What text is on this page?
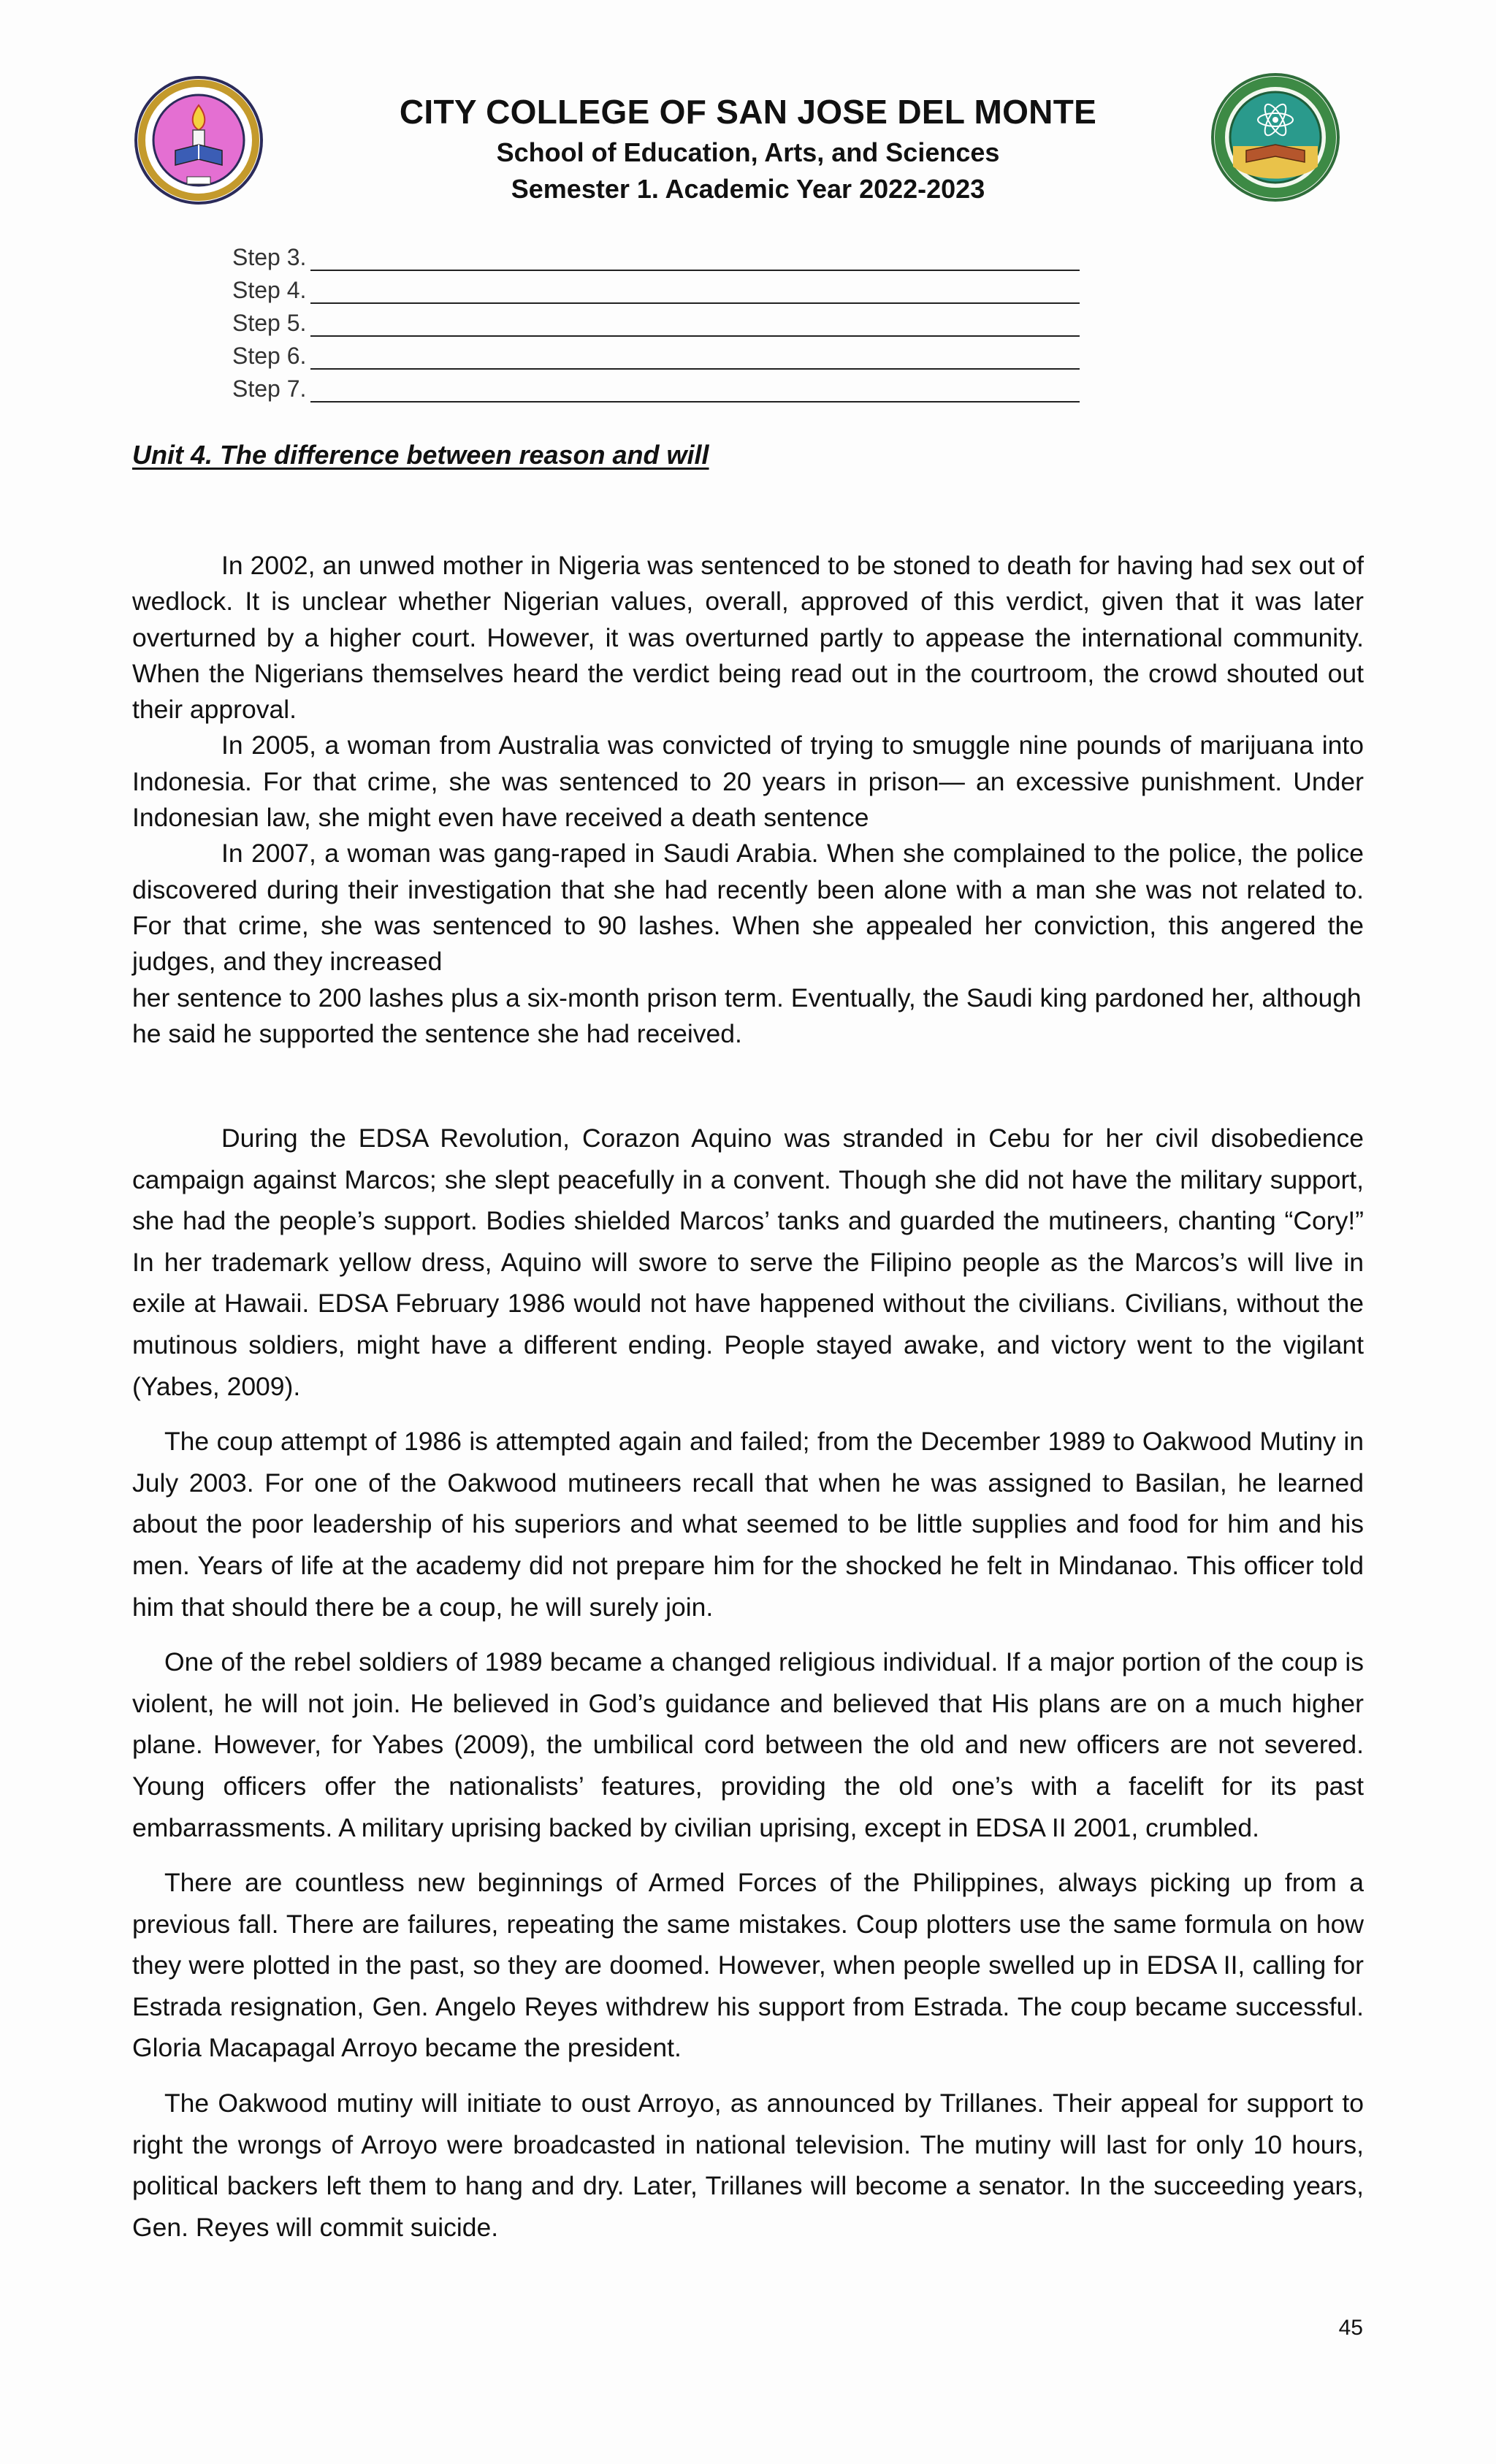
CITY COLLEGE OF SAN JOSE DEL MONTE
School of Education, Arts, and Sciences
Semester 1. Academic Year 2022-2023
Step 3.
Step 4.
Step 5.
Step 6.
Step 7.
Unit 4. The difference between reason and will

In 2002, an unwed mother in Nigeria was sentenced to be stoned to death for having had sex out of wedlock. It is unclear whether Nigerian values, overall, approved of this verdict, given that it was later overturned by a higher court. However, it was overturned partly to appease the international community. When the Nigerians themselves heard the verdict being read out in the courtroom, the crowd shouted out their approval.

In 2005, a woman from Australia was convicted of trying to smuggle nine pounds of marijuana into Indonesia. For that crime, she was sentenced to 20 years in prison— an excessive punishment. Under Indonesian law, she might even have received a death sentence

In 2007, a woman was gang-raped in Saudi Arabia. When she complained to the police, the police discovered during their investigation that she had recently been alone with a man she was not related to. For that crime, she was sentenced to 90 lashes. When she appealed her conviction, this angered the judges, and they increased

her sentence to 200 lashes plus a six-month prison term. Eventually, the Saudi king pardoned her, although he said he supported the sentence she had received.

During the EDSA Revolution, Corazon Aquino was stranded in Cebu for her civil disobedience campaign against Marcos; she slept peacefully in a convent. Though she did not have the military support, she had the people’s support. Bodies shielded Marcos’ tanks and guarded the mutineers, chanting “Cory!” In her trademark yellow dress, Aquino will swore to serve the Filipino people as the Marcos’s will live in exile at Hawaii. EDSA February 1986 would not have happened without the civilians. Civilians, without the mutinous soldiers, might have a different ending. People stayed awake, and victory went to the vigilant (Yabes, 2009).

The coup attempt of 1986 is attempted again and failed; from the December 1989 to Oakwood Mutiny in July 2003. For one of the Oakwood mutineers recall that when he was assigned to Basilan, he learned about the poor leadership of his superiors and what seemed to be little supplies and food for him and his men. Years of life at the academy did not prepare him for the shocked he felt in Mindanao. This officer told him that should there be a coup, he will surely join.

One of the rebel soldiers of 1989 became a changed religious individual. If a major portion of the coup is violent, he will not join. He believed in God’s guidance and believed that His plans are on a much higher plane. However, for Yabes (2009), the umbilical cord between the old and new officers are not severed. Young officers offer the nationalists’ features, providing the old one’s with a facelift for its past embarrassments. A military uprising backed by civilian uprising, except in EDSA II 2001, crumbled.

There are countless new beginnings of Armed Forces of the Philippines, always picking up from a previous fall. There are failures, repeating the same mistakes. Coup plotters use the same formula on how they were plotted in the past, so they are doomed. However, when people swelled up in EDSA II, calling for Estrada resignation, Gen. Angelo Reyes withdrew his support from Estrada. The coup became successful. Gloria Macapagal Arroyo became the president.

The Oakwood mutiny will initiate to oust Arroyo, as announced by Trillanes. Their appeal for support to right the wrongs of Arroyo were broadcasted in national television. The mutiny will last for only 10 hours, political backers left them to hang and dry. Later, Trillanes will become a senator. In the succeeding years, Gen. Reyes will commit suicide.

45
